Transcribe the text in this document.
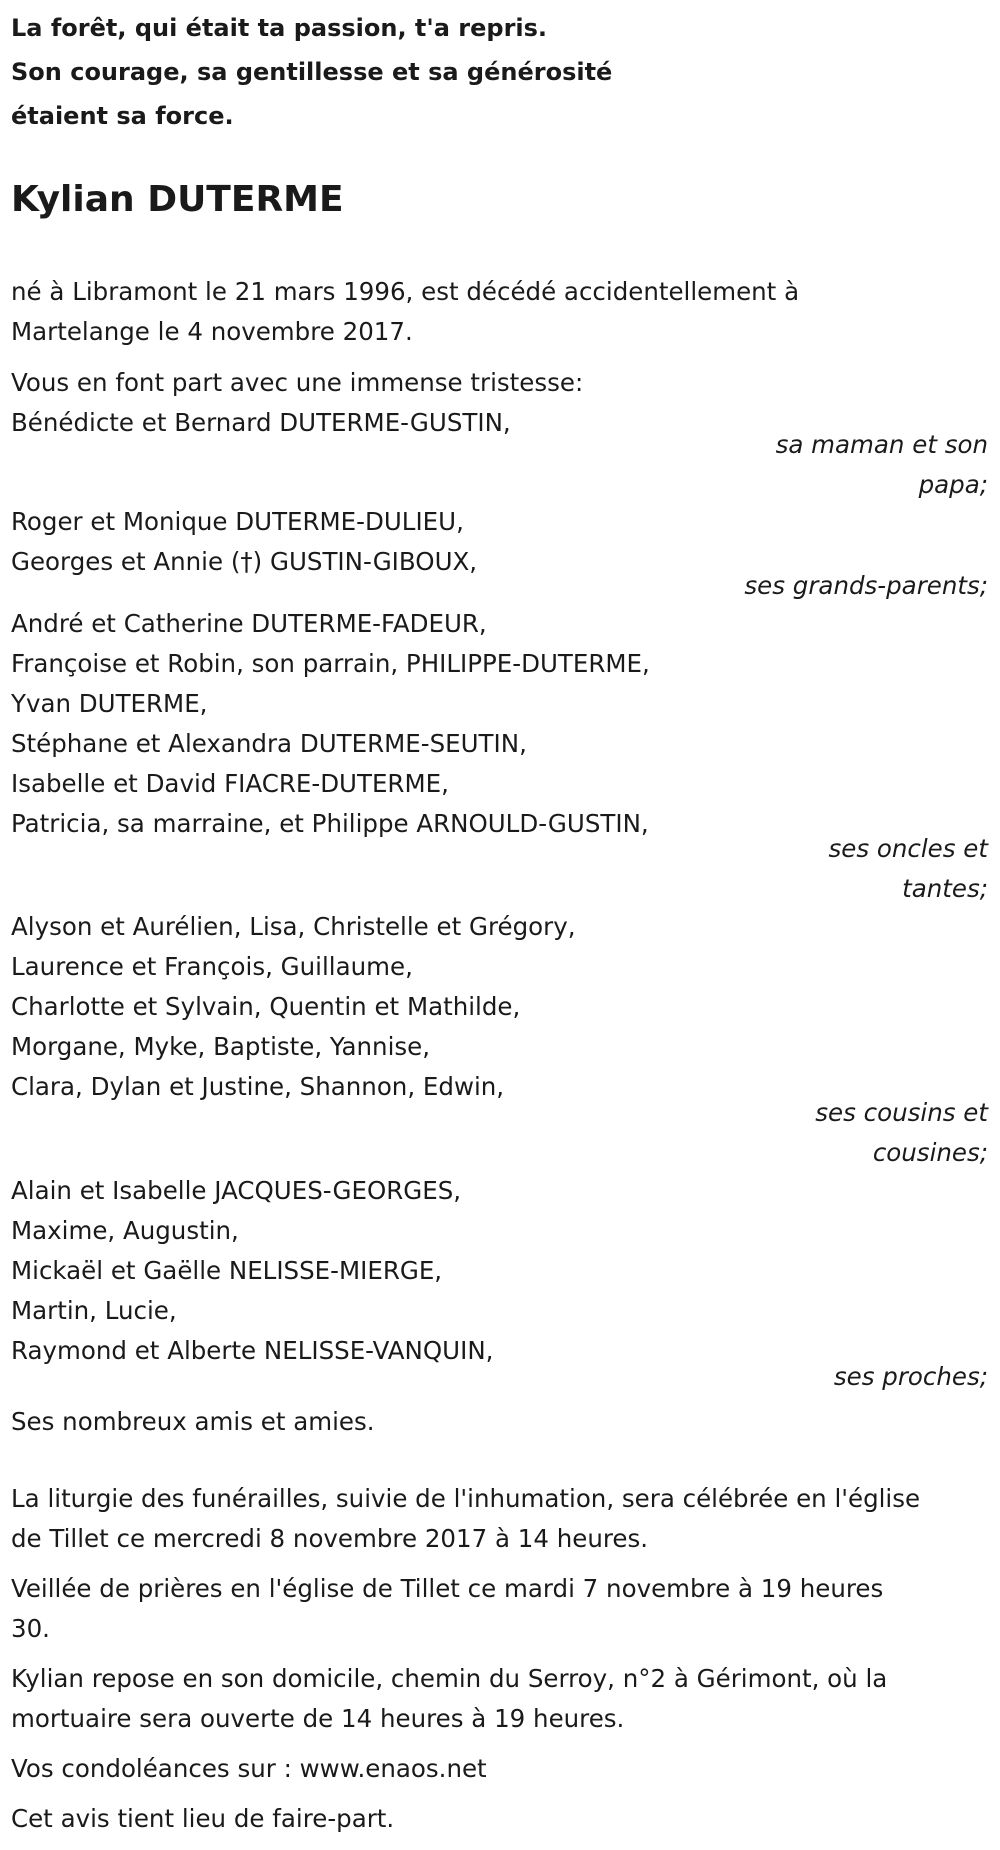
La forêt, qui était ta passion, t'a repris.
Son courage, sa gentillesse et sa générosité
étaient sa force.
Kylian DUTERME
né à Libramont le 21 mars 1996, est décédé accidentellement à
Martelange le 4 novembre 2017.
Vous en font part avec une immense tristesse:
Bénédicte et Bernard DUTERME-GUSTIN,
sa maman et son
papa;
Roger et Monique DUTERME-DULIEU,
Georges et Annie (†) GUSTIN-GIBOUX,
ses grands-parents;
André et Catherine DUTERME-FADEUR,
Françoise et Robin, son parrain, PHILIPPE-DUTERME,
Yvan DUTERME,
Stéphane et Alexandra DUTERME-SEUTIN,
Isabelle et David FIACRE-DUTERME,
Patricia, sa marraine, et Philippe ARNOULD-GUSTIN,
ses oncles et
tantes;
Alyson et Aurélien, Lisa, Christelle et Grégory,
Laurence et François, Guillaume,
Charlotte et Sylvain, Quentin et Mathilde,
Morgane, Myke, Baptiste, Yannise,
Clara, Dylan et Justine, Shannon, Edwin,
ses cousins et
cousines;
Alain et Isabelle JACQUES-GEORGES,
Maxime, Augustin,
Mickaël et Gaëlle NELISSE-MIERGE,
Martin, Lucie,
Raymond et Alberte NELISSE-VANQUIN,
ses proches;
Ses nombreux amis et amies.
La liturgie des funérailles, suivie de l'inhumation, sera célébrée en l'église
de Tillet ce mercredi 8 novembre 2017 à 14 heures.
Veillée de prières en l'église de Tillet ce mardi 7 novembre à 19 heures
30.
Kylian repose en son domicile, chemin du Serroy, n°2 à Gérimont, où la
mortuaire sera ouverte de 14 heures à 19 heures.
Vos condoléances sur : www.enaos.net
Cet avis tient lieu de faire-part.
